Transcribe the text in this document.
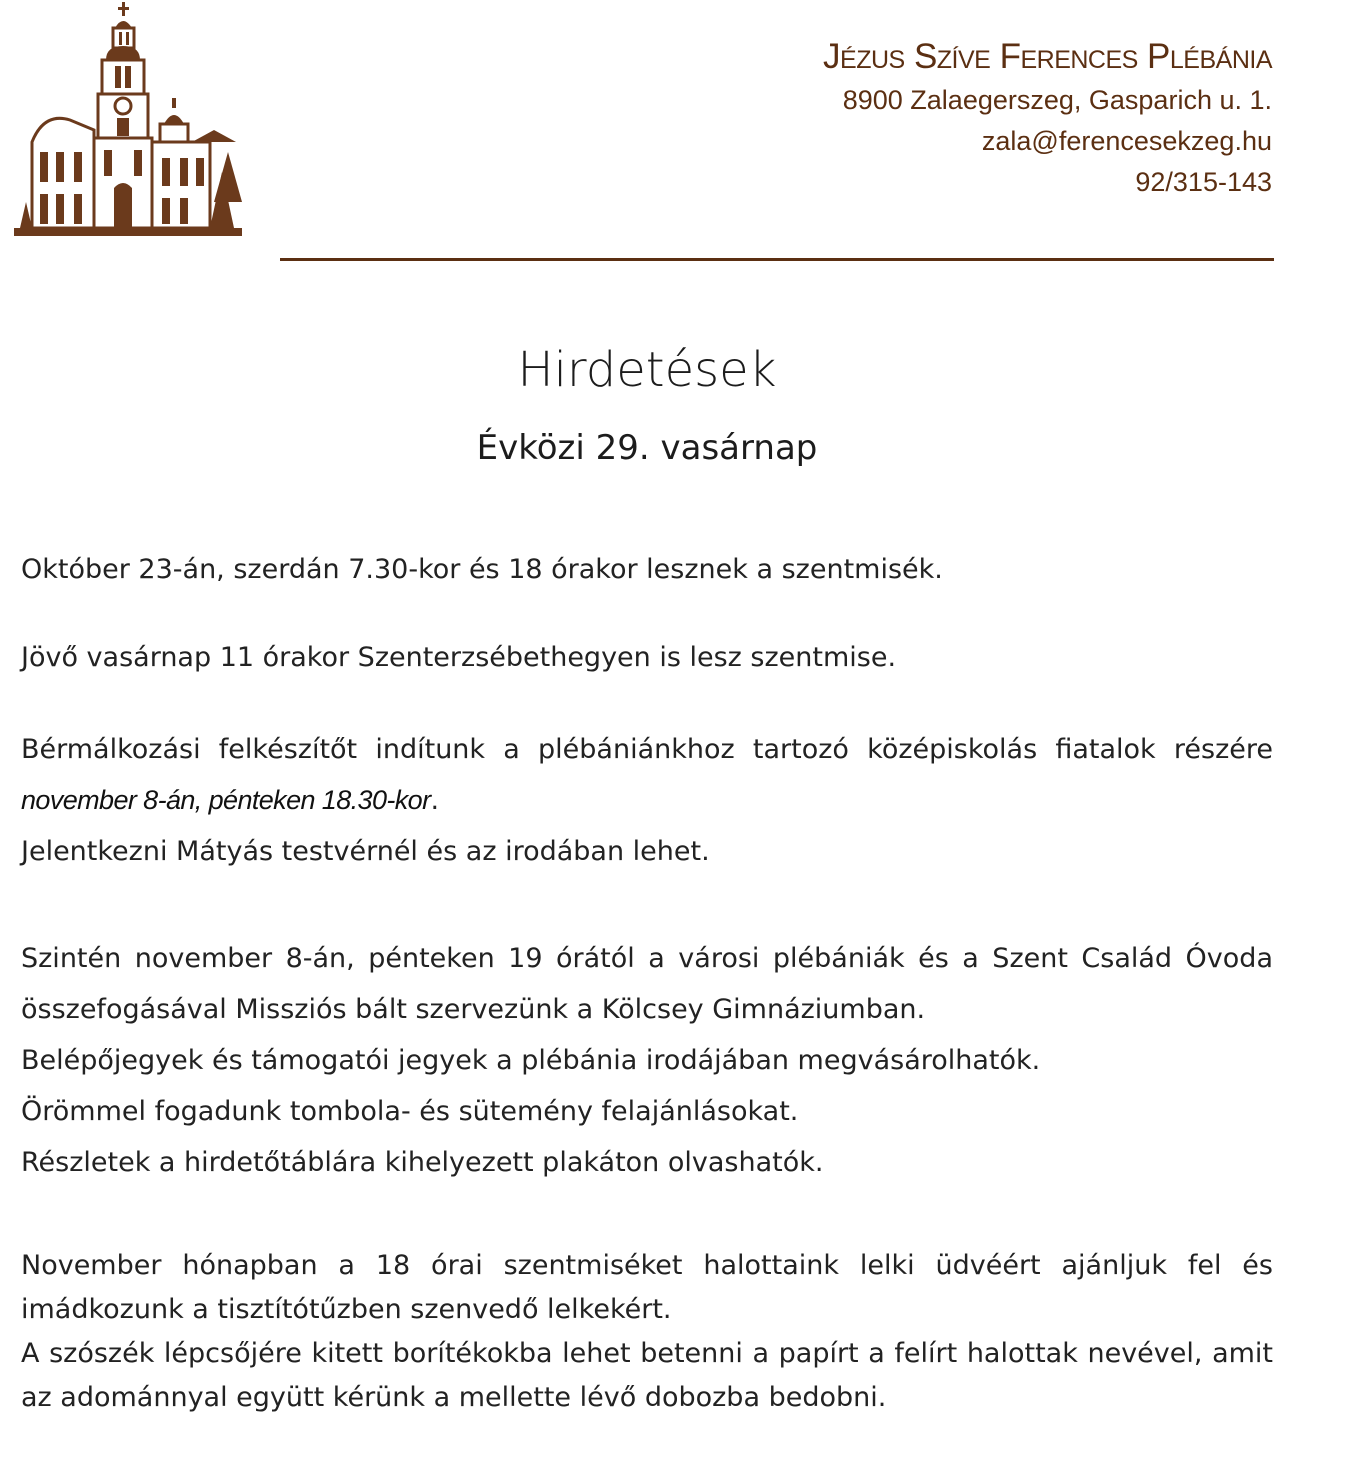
Jézus Szíve Ferences Plébánia
8900 Zalaegerszeg, Gasparich u. 1.
zala@ferencesekzeg.hu
92/315-143
Hirdetések
Évközi 29. vasárnap

Október 23-án, szerdán 7.30-kor és 18 órakor lesznek a szentmisék.

Jövő vasárnap 11 órakor Szenterzsébethegyen is lesz szentmise.

Bérmálkozási felkészítőt indítunk a plébániánkhoz tartozó középiskolás fiatalok részére

november 8-án, pénteken 18.30-kor.

Jelentkezni Mátyás testvérnél és az irodában lehet.

Szintén november 8-án, pénteken 19 órától a városi plébániák és a Szent Család Óvoda

összefogásával Missziós bált szervezünk a Kölcsey Gimnáziumban.

Belépőjegyek és támogatói jegyek a plébánia irodájában megvásárolhatók.

Örömmel fogadunk tombola- és sütemény felajánlásokat.

Részletek a hirdetőtáblára kihelyezett plakáton olvashatók.

November hónapban a 18 órai szentmiséket halottaink lelki üdvéért ajánljuk fel és imádkozunk a tisztítótűzben szenvedő lelkekért.

A szószék lépcsőjére kitett borítékokba lehet betenni a papírt a felírt halottak nevével, amit az adománnyal együtt kérünk a mellette lévő dobozba bedobni.
